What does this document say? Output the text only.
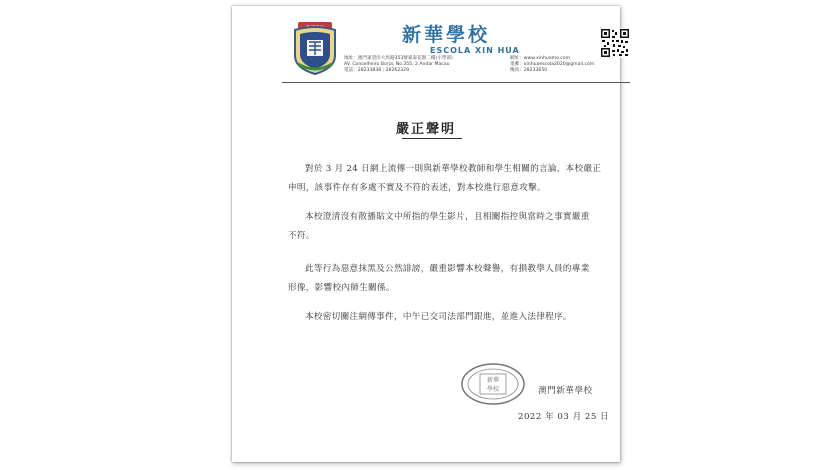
新華學校
ESCOLA XIN HUA
地址：澳門東望洋大馬路353號嘉泰花園二樓(小學部)
AV. Conselheiro Borja, No.355, 2 Andar Macau
電話：28233838 ; 28262329
網址：www.xinhuamo.com
電郵：xinhuaescola2020@gmail.com
傳真：28233650
嚴正聲明
對於 3 月 24 日網上流傳一則與新華學校教師和學生相關的言論，本校嚴正
申明，該事件存有多處不實及不符的表述，對本校進行惡意攻擊。
本校澄清沒有散播貼文中所指的學生影片，且相關指控與當時之事實嚴重
不符。
此等行為惡意抹黑及公然誹謗，嚴重影響本校聲譽，有損教學人員的專業
形像，影響校內師生關係。
本校密切關注網傳事件，中午已交司法部門跟進，並進入法律程序。
新華
學校	澳門新華學校
2022 年 03 月 25 日
